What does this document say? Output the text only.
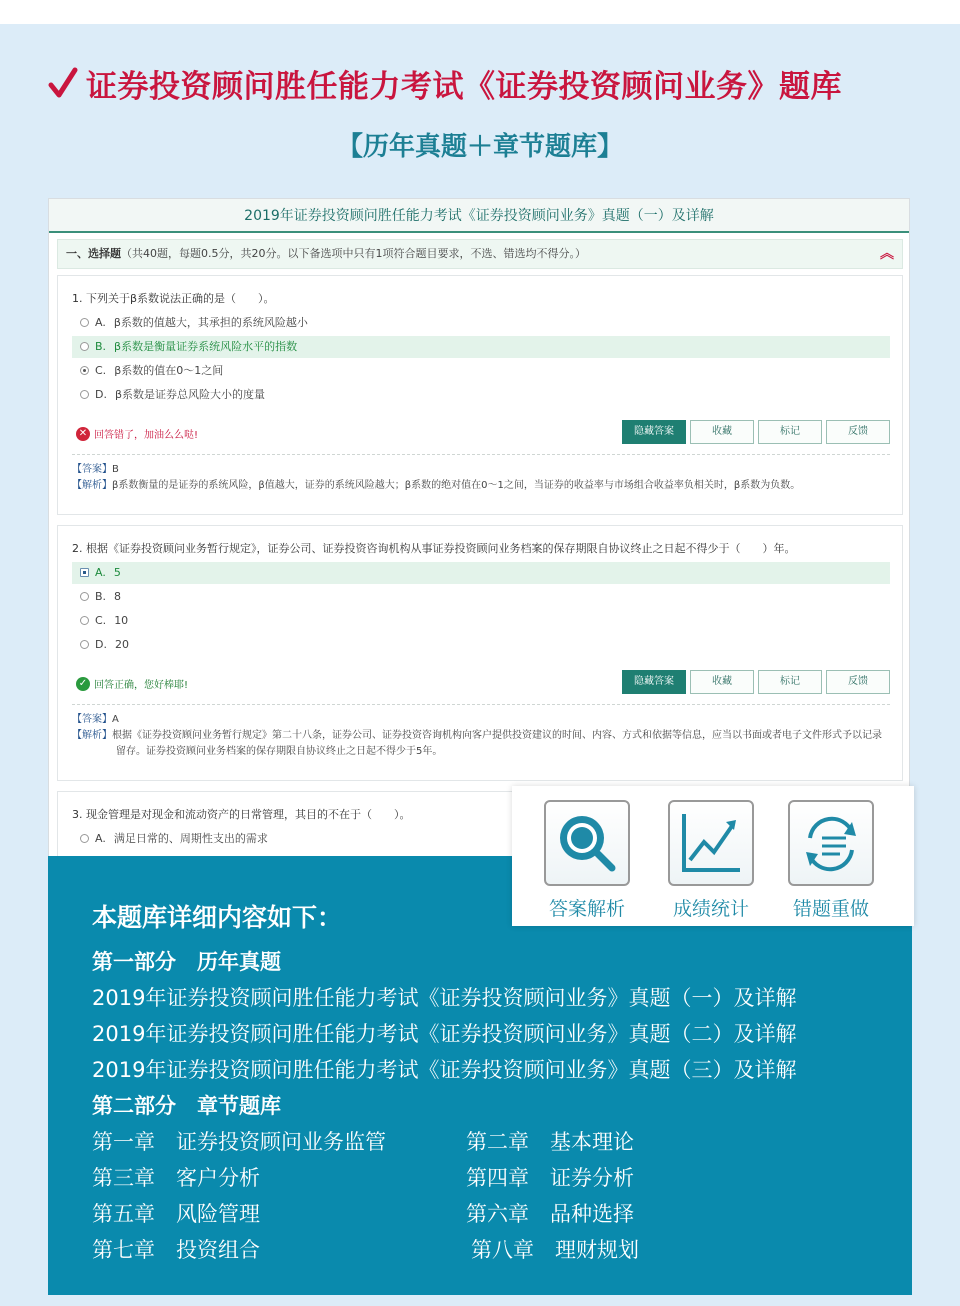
证券投资顾问胜任能力考试《证券投资顾问业务》题库
【历年真题＋章节题库】
2019年证券投资顾问胜任能力考试《证券投资顾问业务》真题（一）及详解
一、选择题（共40题，每题0.5分，共20分。以下备选项中只有1项符合题目要求，不选、错选均不得分。）	︽
1. 下列关于β系数说法正确的是（　　）。
A. β系数的值越大，其承担的系统风险越小
B. β系数是衡量证券系统风险水平的指数
C. β系数的值在0～1之间
D. β系数是证券总风险大小的度量
✕ 回答错了，加油么么哒!	隐藏答案	收藏	标记	反馈
【答案】B
【解析】β系数衡量的是证券的系统风险，β值越大，证券的系统风险越大；β系数的绝对值在0～1之间，当证券的收益率与市场组合收益率负相关时，β系数为负数。
2. 根据《证券投资顾问业务暂行规定》，证券公司、证券投资咨询机构从事证券投资顾问业务档案的保存期限自协议终止之日起不得少于（　　）年。
A. 5
B. 8
C. 10
D. 20
✓ 回答正确，您好棒耶!	隐藏答案	收藏	标记	反馈
【答案】A
【解析】根据《证券投资顾问业务暂行规定》第二十八条，证券公司、证券投资咨询机构向客户提供投资建议的时间、内容、方式和依据等信息，应当以书面或者电子文件形式予以记录留存。证券投资顾问业务档案的保存期限自协议终止之日起不得少于5年。
3. 现金管理是对现金和流动资产的日常管理，其目的不在于（　　）。
A. 满足日常的、周期性支出的需求
本题库详细内容如下：
第一部分　历年真题
2019年证券投资顾问胜任能力考试《证券投资顾问业务》真题（一）及详解
2019年证券投资顾问胜任能力考试《证券投资顾问业务》真题（二）及详解
2019年证券投资顾问胜任能力考试《证券投资顾问业务》真题（三）及详解
第二部分　章节题库
第一章　证券投资顾问业务监管	第二章　基本理论
第三章　客户分析	第四章　证券分析
第五章　风险管理	第六章　品种选择
第七章　投资组合	第八章　理财规划
答案解析	成绩统计 错题重做
